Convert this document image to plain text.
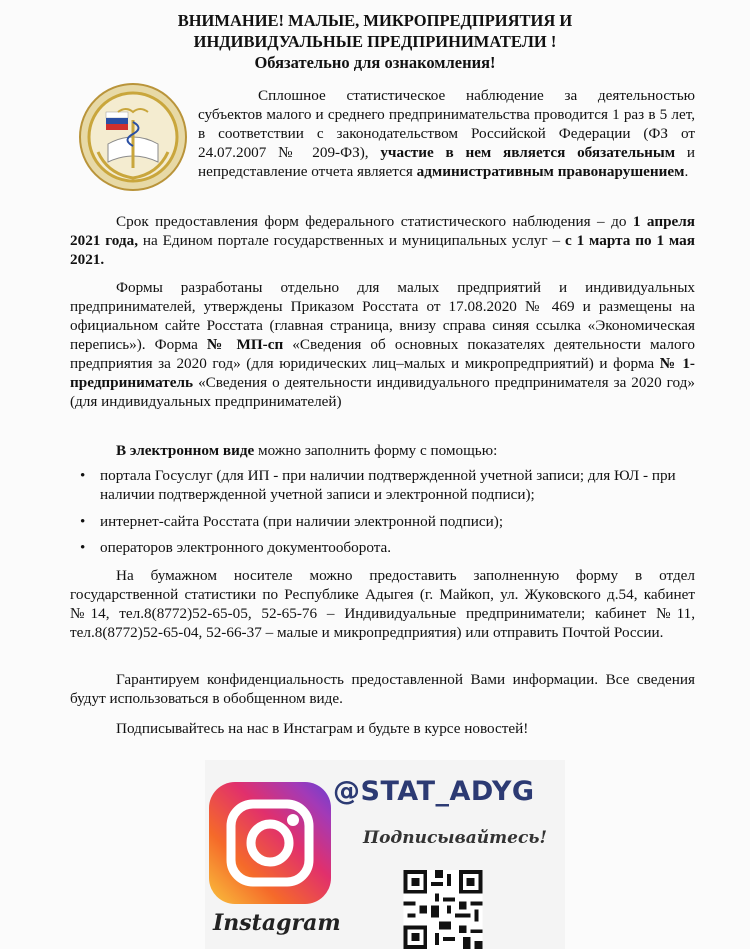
ВНИМАНИЕ! МАЛЫЕ, МИКРОПРЕДПРИЯТИЯ И
ИНДИВИДУАЛЬНЫЕ ПРЕДПРИНИМАТЕЛИ !
Обязательно для ознакомления!
Сплошное статистическое наблюдение за деятельностью субъектов малого и среднего предпринимательства проводится 1 раз в 5 лет, в соответствии с законодательством Российской Федерации (ФЗ от 24.07.2007 № 209-ФЗ), участие в нем является обязательным и непредставление отчета является административным правонарушением.
Срок предоставления форм федерального статистического наблюдения – до 1 апреля 2021 года, на Едином портале государственных и муниципальных услуг – с 1 марта по 1 мая 2021.
Формы разработаны отдельно для малых предприятий и индивидуальных предпринимателей, утверждены Приказом Росстата от 17.08.2020 № 469 и размещены на официальном сайте Росстата (главная страница, внизу справа синяя ссылка «Экономическая перепись»). Форма № МП-сп «Сведения об основных показателях деятельности малого предприятия за 2020 год» (для юридических лиц–малых и микропредприятий) и форма № 1-предприниматель «Сведения о деятельности индивидуального предпринимателя за 2020 год» (для индивидуальных предпринимателей)
В электронном виде можно заполнить форму с помощью:
• портала Госуслуг (для ИП - при наличии подтвержденной учетной записи; для ЮЛ - при наличии подтвержденной учетной записи и электронной подписи);
• интернет-сайта Росстата (при наличии электронной подписи);
• операторов электронного документооборота.
На бумажном носителе можно предоставить заполненную форму в отдел государственной статистики по Республике Адыгея (г. Майкоп, ул. Жуковского д.54, кабинет №14, тел.8(8772)52-65-05, 52-65-76 – Индивидуальные предприниматели; кабинет №11, тел.8(8772)52-65-04, 52-66-37 – малые и микропредприятия) или отправить Почтой России.
Гарантируем конфиденциальность предоставленной Вами информации. Все сведения будут использоваться в обобщенном виде.
Подписывайтесь на нас в Инстаграм и будьте в курсе новостей!
Instagram
@STAT_ADYG
Подписывайтесь!
